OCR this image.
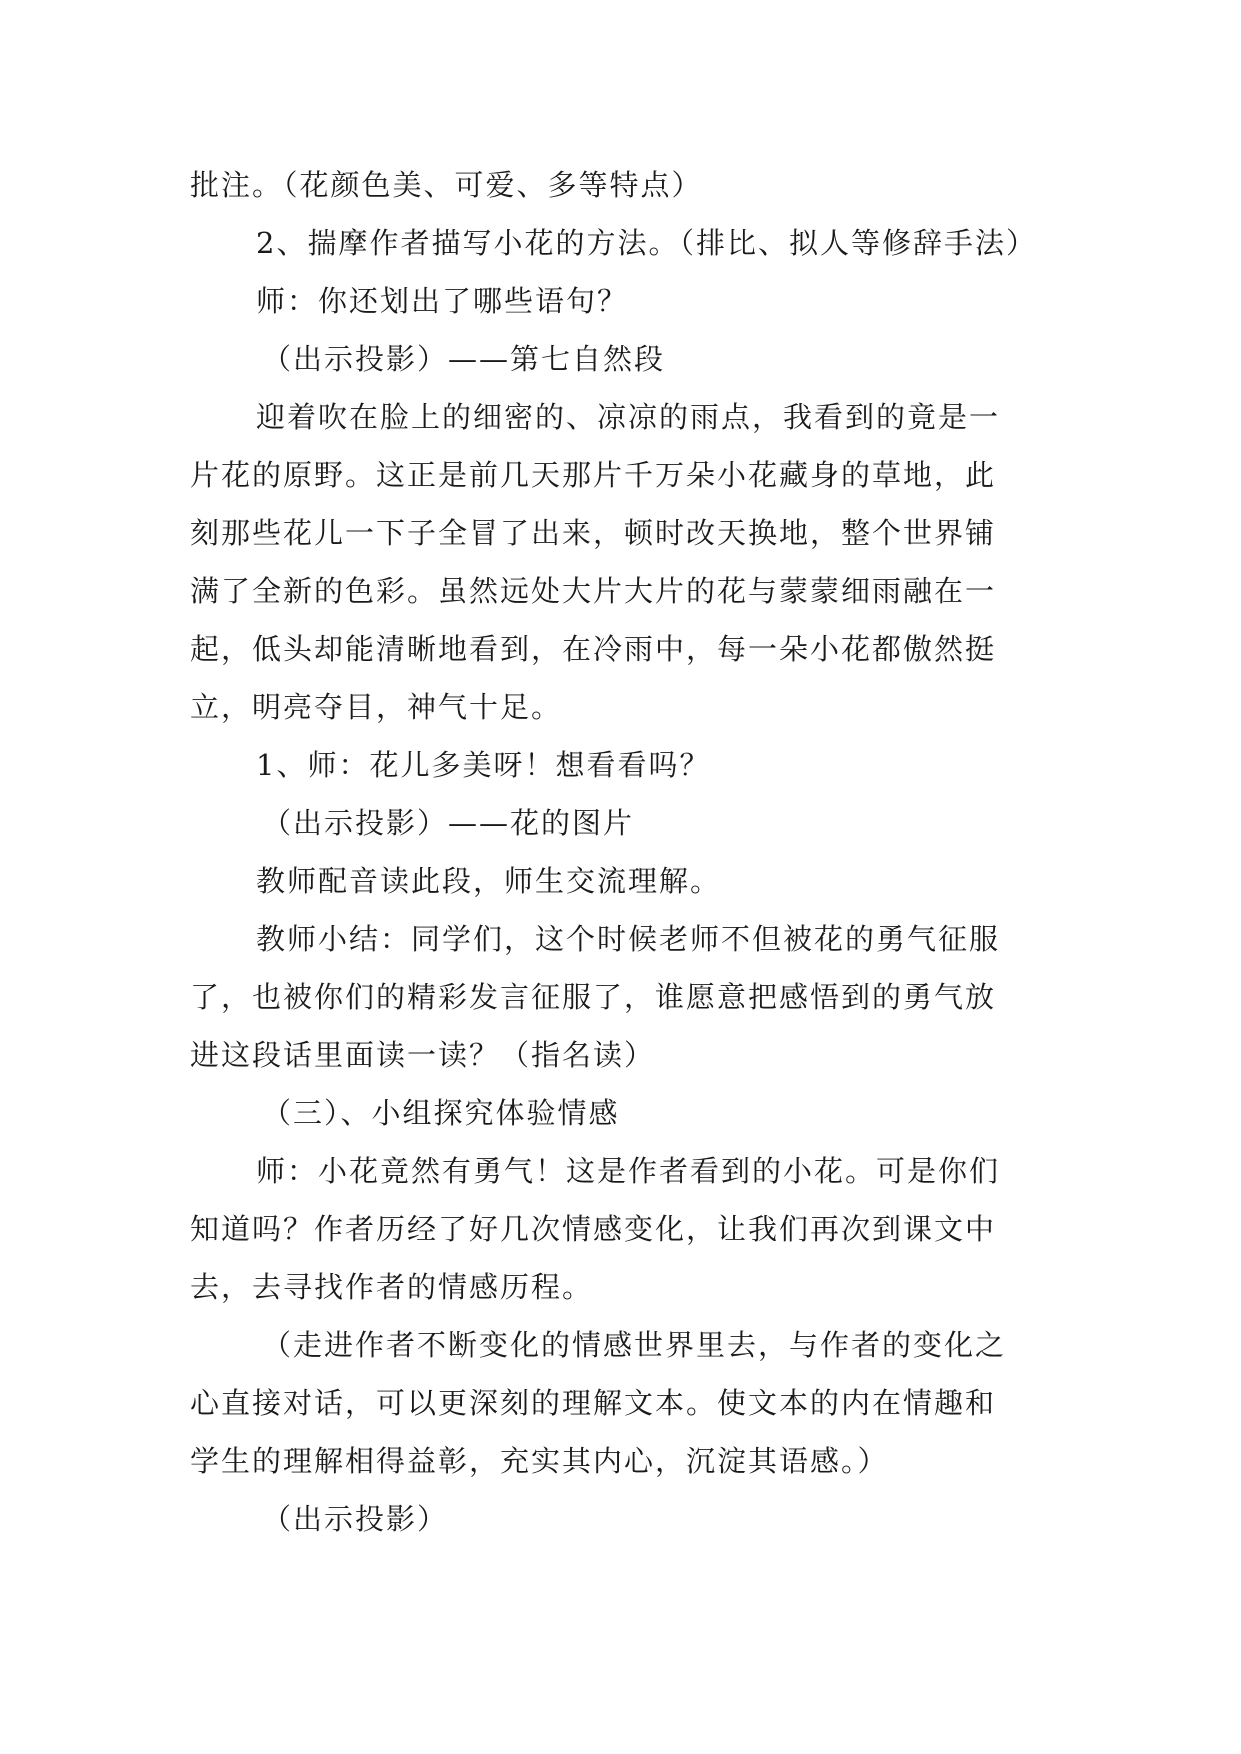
批注。（花颜色美、可爱、多等特点）
2、揣摩作者描写小花的方法。（排比、拟人等修辞手法）
师：你还划出了哪些语句？
（出示投影）——第七自然段
迎着吹在脸上的细密的、凉凉的雨点，我看到的竟是一
片花的原野。这正是前几天那片千万朵小花藏身的草地，此
刻那些花儿一下子全冒了出来，顿时改天换地，整个世界铺
满了全新的色彩。虽然远处大片大片的花与蒙蒙细雨融在一
起，低头却能清晰地看到，在冷雨中，每一朵小花都傲然挺
立，明亮夺目，神气十足。
1、师：花儿多美呀！想看看吗？
（出示投影）——花的图片
教师配音读此段，师生交流理解。
教师小结：同学们，这个时候老师不但被花的勇气征服
了，也被你们的精彩发言征服了，谁愿意把感悟到的勇气放
进这段话里面读一读？（指名读）
（三）、小组探究体验情感
师：小花竟然有勇气！这是作者看到的小花。可是你们
知道吗？作者历经了好几次情感变化，让我们再次到课文中
去，去寻找作者的情感历程。
（走进作者不断变化的情感世界里去，与作者的变化之
心直接对话，可以更深刻的理解文本。使文本的内在情趣和
学生的理解相得益彰，充实其内心，沉淀其语感。）
（出示投影）
